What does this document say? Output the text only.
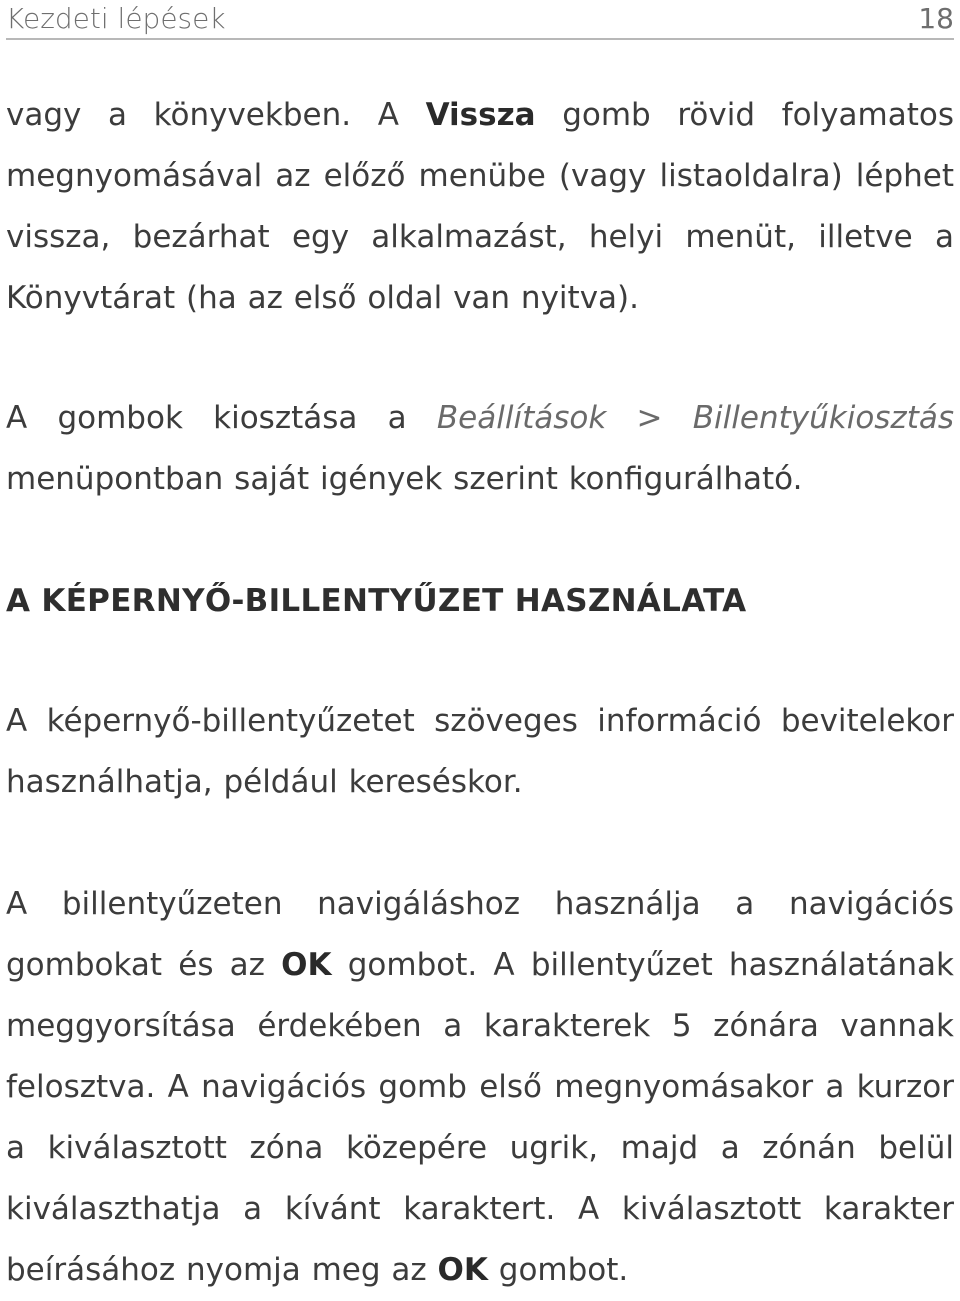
Kezdeti lépések	18

vagy a könyvekben. A Vissza gomb rövid folyamatos megnyomásával az előző menübe (vagy listaoldalra) léphet vissza, bezárhat egy alkalmazást, helyi menüt, illetve a Könyvtárat (ha az első oldal van nyitva).

A gombok kiosztása a Beállítások > Billentyűkiosztás menüpontban saját igények szerint konfigurálható.

A KÉPERNYŐ-BILLENTYŰZET HASZNÁLATA

A képernyő-billentyűzetet szöveges információ bevitelekor használhatja, például kereséskor.

A billentyűzeten navigáláshoz használja a navigációs gombokat és az OK gombot. A billentyűzet használatának meggyorsítása érdekében a karakterek 5 zónára vannak felosztva. A navigációs gomb első megnyomásakor a kurzor a kiválasztott zóna közepére ugrik, majd a zónán belül kiválaszthatja a kívánt karaktert. A kiválasztott karakter beírásához nyomja meg az OK gombot.
